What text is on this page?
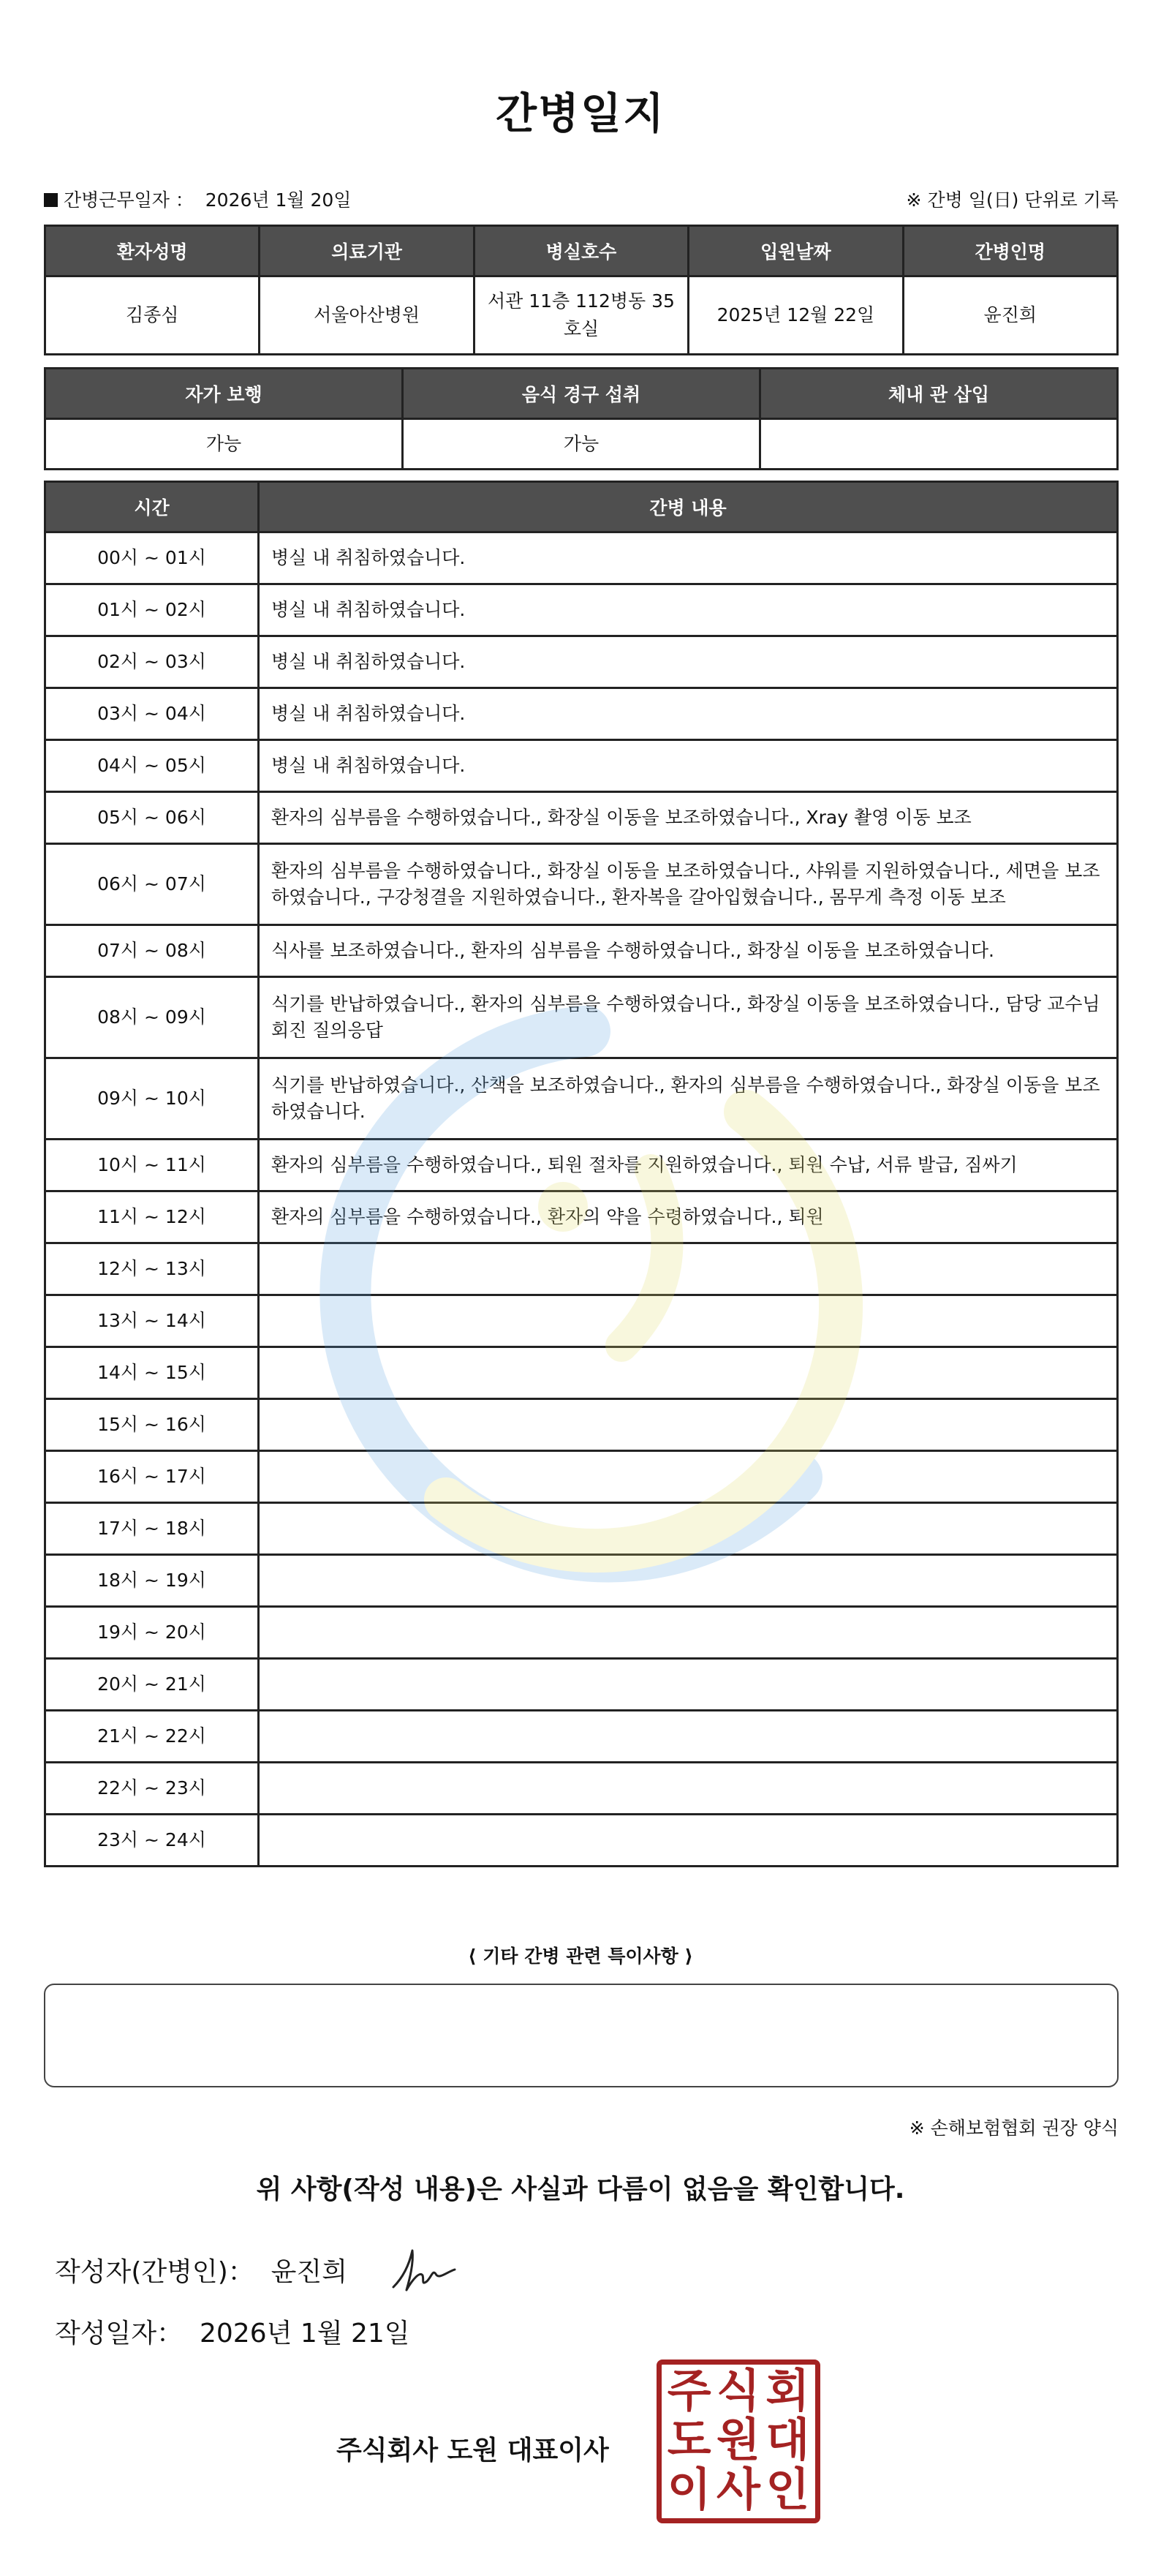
간병일지
간병근무일자 ： 2026년 1월 20일	※ 간병 일(日) 단위로 기록
환자성명	의료기관	병실호수	입원날짜	간병인명
김종심	서울아산병원	서관 11층 112병동 35호실	2025년 12월 22일	윤진희
자가 보행	음식 경구 섭취	체내 관 삽입
가능	가능	
시간	간병 내용
00시 ~ 01시	병실 내 취침하였습니다.
01시 ~ 02시	병실 내 취침하였습니다.
02시 ~ 03시	병실 내 취침하였습니다.
03시 ~ 04시	병실 내 취침하였습니다.
04시 ~ 05시	병실 내 취침하였습니다.
05시 ~ 06시	환자의 심부름을 수행하였습니다., 화장실 이동을 보조하였습니다., Xray 촬영 이동 보조
06시 ~ 07시	환자의 심부름을 수행하였습니다., 화장실 이동을 보조하였습니다., 샤워를 지원하였습니다., 세면을 보조하였습니다., 구강청결을 지원하였습니다., 환자복을 갈아입혔습니다., 몸무게 측정 이동 보조
07시 ~ 08시	식사를 보조하였습니다., 환자의 심부름을 수행하였습니다., 화장실 이동을 보조하였습니다.
08시 ~ 09시	식기를 반납하였습니다., 환자의 심부름을 수행하였습니다., 화장실 이동을 보조하였습니다., 담당 교수님 회진 질의응답
09시 ~ 10시	식기를 반납하였습니다., 산책을 보조하였습니다., 환자의 심부름을 수행하였습니다., 화장실 이동을 보조하였습니다.
10시 ~ 11시	환자의 심부름을 수행하였습니다., 퇴원 절차를 지원하였습니다., 퇴원 수납, 서류 발급, 짐싸기
11시 ~ 12시	환자의 심부름을 수행하였습니다., 환자의 약을 수령하였습니다., 퇴원
12시 ~ 13시	
13시 ~ 14시	
14시 ~ 15시	
15시 ~ 16시	
16시 ~ 17시	
17시 ~ 18시	
18시 ~ 19시	
19시 ~ 20시	
20시 ~ 21시	
21시 ~ 22시	
22시 ~ 23시	
23시 ~ 24시	
⟨ 기타 간병 관련 특이사항 ⟩
※ 손해보험협회 권장 양식
위 사항(작성 내용)은 사실과 다름이 없음을 확인합니다.
작성자(간병인)： 윤진희
작성일자： 2026년 1월 21일
주식회사 도원 대표이사
주 식 회
도 원 대
이 사 인
